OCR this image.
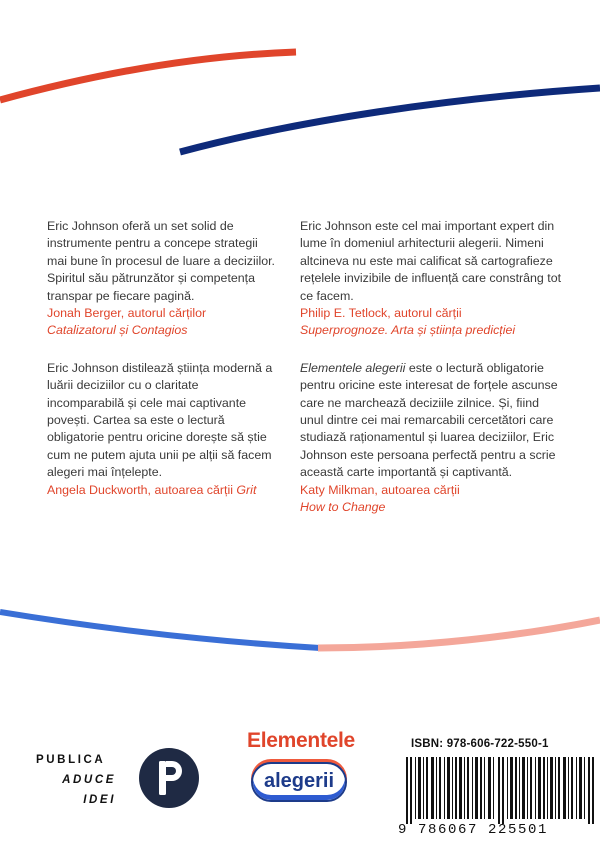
Eric Johnson oferă un set solid de instrumente pentru a concepe strategii mai bune în procesul de luare a deciziilor. Spiritul său pătrunzător și competența transpar pe fiecare pagină.

Jonah Berger, autorul cărților

Catalizatorul și Contagios

Eric Johnson distilează știința modernă a luării deciziilor cu o claritate incomparabilă și cele mai captivante povești. Cartea sa este o lectură obligatorie pentru oricine dorește să știe cum ne putem ajuta unii pe alții să facem alegeri mai înțelepte.

Angela Duckworth, autoarea cărții Grit

Eric Johnson este cel mai important expert din lume în domeniul arhitecturii alegerii. Nimeni altcineva nu este mai calificat să cartografieze rețelele invizibile de influență care constrâng tot ce facem.

Philip E. Tetlock, autorul cărții

Superprognoze. Arta și știința predicției

Elementele alegerii este o lectură obligatorie pentru oricine este interesat de forțele ascunse care ne marchează deciziile zilnice. Și, fiind unul dintre cei mai remarcabili cercetători care studiază raționamentul și luarea deciziilor, Eric Johnson este persoana perfectă pentru a scrie această carte importantă și captivantă.

Katy Milkman, autoarea cărții

How to Change

PUBLICA
ADUCE
IDEI
Elementele
alegerii
ISBN: 978-606-722-550-1
9 786067 225501
